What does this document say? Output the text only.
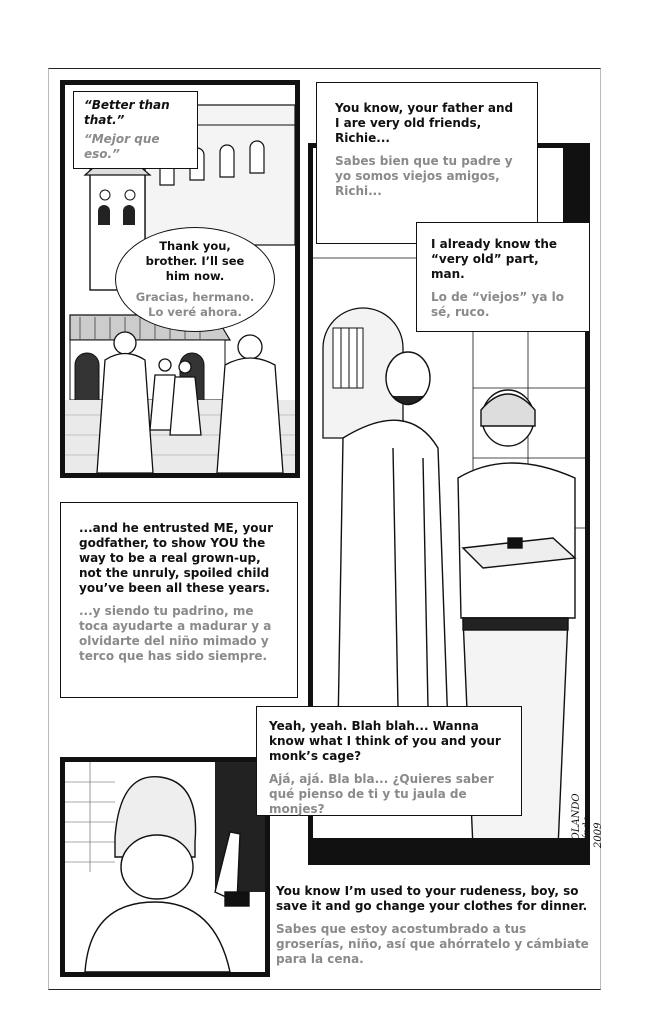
“Better than that.”
“Mejor que eso.”
Thank you, brother. I’ll see him now.
Gracias, hermano. Lo veré ahora.
ROLANDO mínda 2009
You know, your father and I are very old friends, Richie...
Sabes bien que tu padre y yo somos viejos amigos, Richi...
I already know the “very old” part, man.
Lo de “viejos” ya lo sé, ruco.
...and he entrusted ME, your godfather, to show YOU the way to be a real grown-up, not the unruly, spoiled child you’ve been all these years.
...y siendo tu padrino, me toca ayudarte a madurar y a olvidarte del niño mimado y terco que has sido siempre.
Yeah, yeah. Blah blah... Wanna know what I think of you and your monk’s cage?
Ajá, ajá. Bla bla... ¿Quieres saber qué pienso de ti y tu jaula de monjes?
You know I’m used to your rudeness, boy, so save it and go change your clothes for dinner.
Sabes que estoy acostumbrado a tus groserías, niño, así que ahórratelo y cámbiate para la cena.
